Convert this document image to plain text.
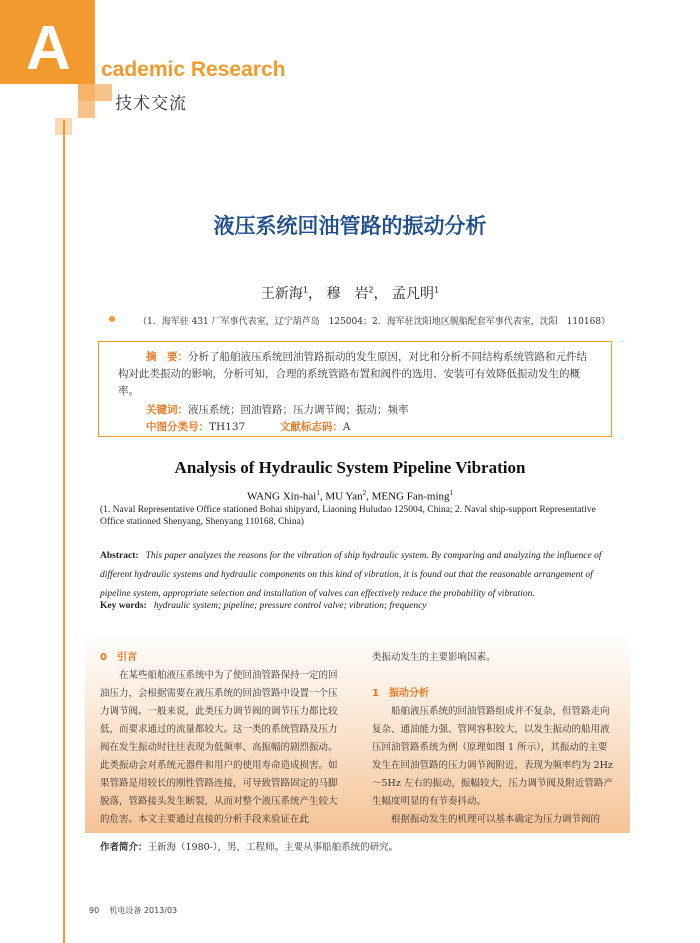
A cademic Research
技术交流
液压系统回油管路的振动分析
王新海$^1$， 穆　岩$^2$， 孟凡明$^1$
（1．海军驻 431 厂军事代表室，辽宁葫芦岛　125004；2．海军驻沈阳地区舰船配套军事代表室，沈阳　110168）
摘　要：分析了船舶液压系统回油管路振动的发生原因，对比和分析不同结构系统管路和元件结构对此类振动的影响，分析可知，合理的系统管路布置和阀件的选用、安装可有效降低振动发生的概率。
关键词：液压系统；回油管路；压力调节阀；振动；频率
中图分类号：TH137	文献标志码：A
Analysis of Hydraulic System Pipeline Vibration
WANG Xin-hai$^1$, MU Yan$^2$, MENG Fan-ming$^1$
(1. Naval Representative Office stationed Bohai shipyard, Liaoning Huludao 125004, China; 2. Naval ship-support Representative Office stationed Shenyang, Shenyang 110168, China)
Abstract: This paper analyzes the reasons for the vibration of ship hydraulic system. By comparing and analyzing the influence of different hydraulic systems and hydraulic components on this kind of vibration, it is found out that the reasonable arrangement of pipeline system, appropriate selection and installation of valves can effectively reduce the probability of vibration.
Key words: hydraulic system; pipeline; pressure control valve; vibration; frequency
0　引言

在某些船舶液压系统中为了使回油管路保持一定的回油压力，会根据需要在液压系统的回油管路中设置一个压力调节阀。一般来说，此类压力调节阀的调节压力都比较低，而要求通过的流量都较大。这一类的系统管路及压力阀在发生振动时往往表现为低频率、高振幅的剧烈振动。此类振动会对系统元器件和用户的使用寿命造成损害。如果管路是用较长的刚性管路连接，可导致管路固定的马脚脱落，管路接头发生断裂，从而对整个液压系统产生较大的危害。本文主要通过直接的分析手段来验证在此

类振动发生的主要影响因素。

1　振动分析

船舶液压系统的回油管路组成并不复杂，但管路走向复杂、通油能力强、管网容积较大，以发生振动的船用液压回油管路系统为例（原理如图 1 所示），其振动的主要发生在回油管路的压力调节阀附近，表现为频率约为 2Hz～5Hz 左右的振动，振幅较大，压力调节阀及附近管路产生幅度明显的有节奏抖动。

根据振动发生的机理可以基本确定为压力调节阀的

作者简介：王新海（1980-），男，工程师。主要从事船舶系统的研究。
90 机电设备 2013/03
